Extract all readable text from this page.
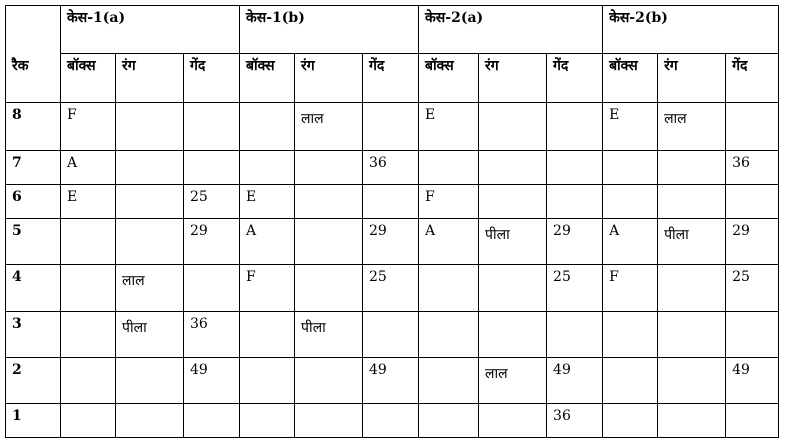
	केस-1(a)			केस-1(b)			केस-2(a)			केस-2(b)		
रैक	बॉक्स	रंग	गेंद	बॉक्स	रंग	गेंद	बॉक्स	रंग	गेंद	बॉक्स	रंग	गेंद
8	F				लाल		E			E	लाल	
7	A					36						36
6	E		25	E			F					
5			29	A		29	A	पीला	29	A	पीला	29
4		लाल		F		25			25	F		25
3		पीला	36		पीला							
2			49			49		लाल	49			49
1									36			
